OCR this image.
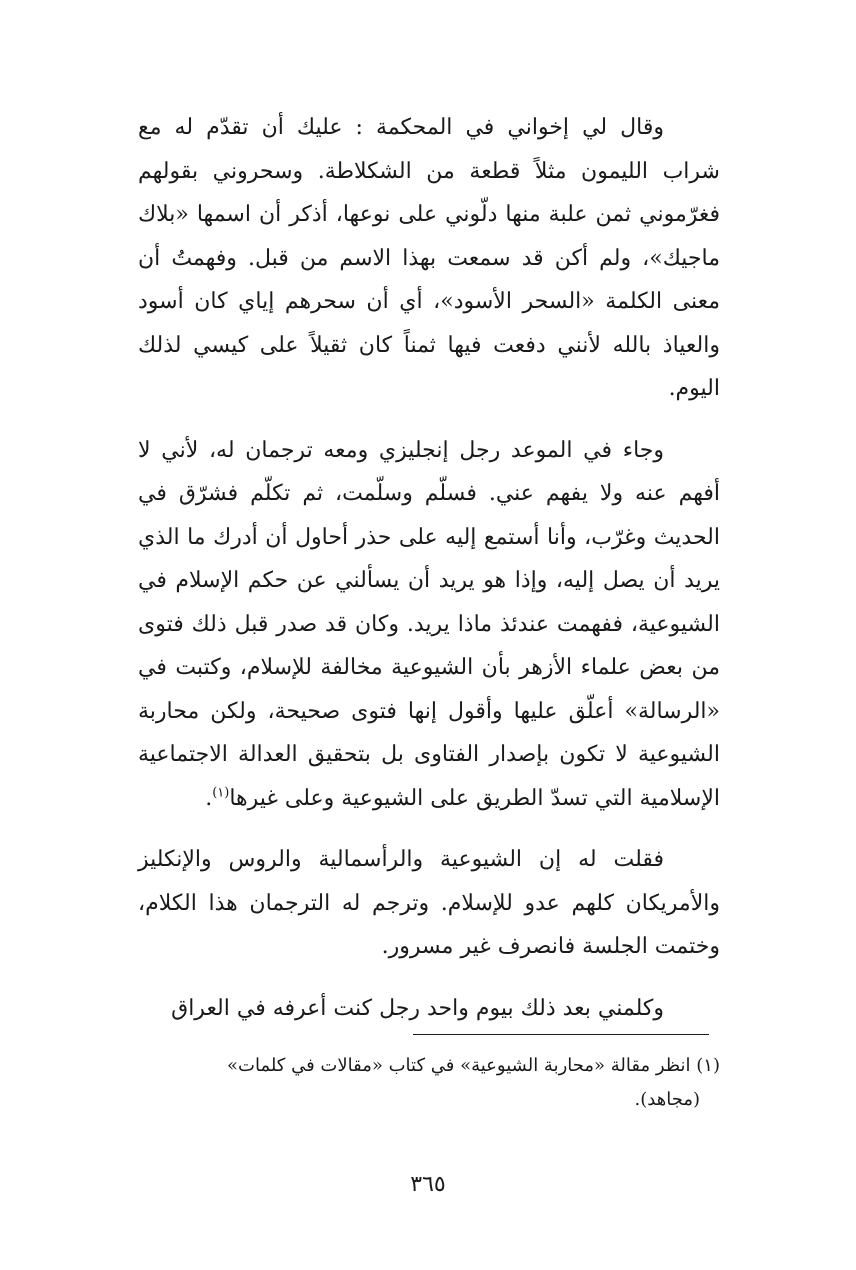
وقال لي إخواني في المحكمة : عليك أن تقدّم له مع شراب الليمون مثلاً قطعة من الشكلاطة. وسحروني بقولهم فغرّموني ثمن علبة منها دلّوني على نوعها، أذكر أن اسمها «بلاك ماجيك»، ولم أكن قد سمعت بهذا الاسم من قبل. وفهمتُ أن معنى الكلمة «السحر الأسود»، أي أن سحرهم إياي كان أسود والعياذ بالله لأنني دفعت فيها ثمناً كان ثقيلاً على كيسي لذلك اليوم.

وجاء في الموعد رجل إنجليزي ومعه ترجمان له، لأني لا أفهم عنه ولا يفهم عني. فسلّم وسلّمت، ثم تكلّم فشرّق في الحديث وغرّب، وأنا أستمع إليه على حذر أحاول أن أدرك ما الذي يريد أن يصل إليه، وإذا هو يريد أن يسألني عن حكم الإسلام في الشيوعية، ففهمت عندئذ ماذا يريد. وكان قد صدر قبل ذلك فتوى من بعض علماء الأزهر بأن الشيوعية مخالفة للإسلام، وكتبت في «الرسالة» أعلّق عليها وأقول إنها فتوى صحيحة، ولكن محاربة الشيوعية لا تكون بإصدار الفتاوى بل بتحقيق العدالة الاجتماعية الإسلامية التي تسدّ الطريق على الشيوعية وعلى غيرها$^{(١)}$.

فقلت له إن الشيوعية والرأسمالية والروس والإنكليز والأمريكان كلهم عدو للإسلام. وترجم له الترجمان هذا الكلام، وختمت الجلسة فانصرف غير مسرور.

وكلمني بعد ذلك بيوم واحد رجل كنت أعرفه في العراق

(١) انظر مقالة «محاربة الشيوعية» في كتاب «مقالات في كلمات»

(مجاهد).

٣٦٥
